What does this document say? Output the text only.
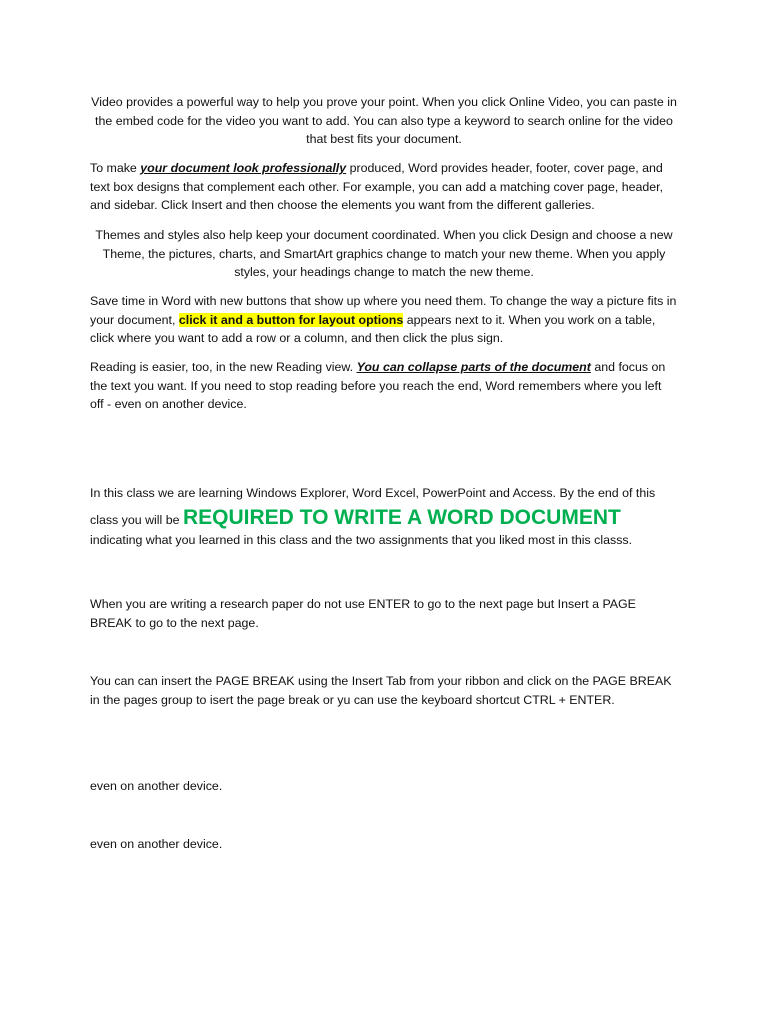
Video provides a powerful way to help you prove your point. When you click Online Video, you can paste in the embed code for the video you want to add. You can also type a keyword to search online for the video that best fits your document.

To make your document look professionally produced, Word provides header, footer, cover page, and text box designs that complement each other. For example, you can add a matching cover page, header, and sidebar. Click Insert and then choose the elements you want from the different galleries.

Themes and styles also help keep your document coordinated. When you click Design and choose a new Theme, the pictures, charts, and SmartArt graphics change to match your new theme. When you apply styles, your headings change to match the new theme.

Save time in Word with new buttons that show up where you need them. To change the way a picture fits in your document, click it and a button for layout options appears next to it. When you work on a table, click where you want to add a row or a column, and then click the plus sign.

Reading is easier, too, in the new Reading view. You can collapse parts of the document and focus on the text you want. If you need to stop reading before you reach the end, Word remembers where you left off - even on another device.

In this class we are learning Windows Explorer, Word Excel, PowerPoint and Access. By the end of this

class you will be REQUIRED TO WRITE A WORD DOCUMENT

indicating what you learned in this class and the two assignments that you liked most in this classs.

When you are writing a research paper do not use ENTER to go to the next page but Insert a PAGE BREAK to go to the next page.

You can can insert the PAGE BREAK using the Insert Tab from your ribbon and click on the PAGE BREAK in the pages group to isert the page break or yu can use the keyboard shortcut CTRL + ENTER.

even on another device.

even on another device.
